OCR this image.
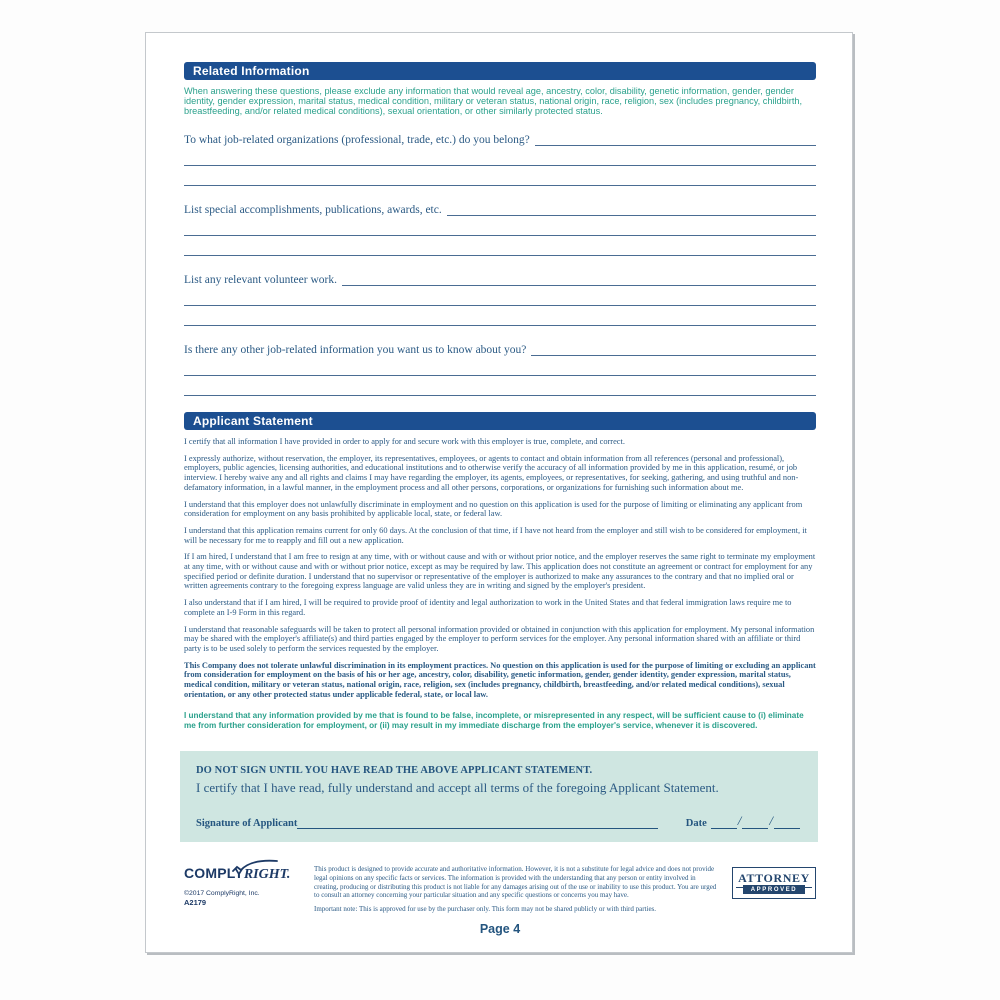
Related Information
When answering these questions, please exclude any information that would reveal age, ancestry, color, disability, genetic information, gender, gender identity, gender expression, marital status, medical condition, military or veteran status, national origin, race, religion, sex (includes pregnancy, childbirth, breastfeeding, and/or related medical conditions), sexual orientation, or other similarly protected status.
To what job-related organizations (professional, trade, etc.) do you belong?
List special accomplishments, publications, awards, etc.
List any relevant volunteer work.
Is there any other job-related information you want us to know about you?
Applicant Statement

I certify that all information I have provided in order to apply for and secure work with this employer is true, complete, and correct.

I expressly authorize, without reservation, the employer, its representatives, employees, or agents to contact and obtain information from all references (personal and professional), employers, public agencies, licensing authorities, and educational institutions and to otherwise verify the accuracy of all information provided by me in this application, resumé, or job interview. I hereby waive any and all rights and claims I may have regarding the employer, its agents, employees, or representatives, for seeking, gathering, and using truthful and non-defamatory information, in a lawful manner, in the employment process and all other persons, corporations, or organizations for furnishing such information about me.

I understand that this employer does not unlawfully discriminate in employment and no question on this application is used for the purpose of limiting or eliminating any applicant from consideration for employment on any basis prohibited by applicable local, state, or federal law.

I understand that this application remains current for only 60 days. At the conclusion of that time, if I have not heard from the employer and still wish to be considered for employment, it will be necessary for me to reapply and fill out a new application.

If I am hired, I understand that I am free to resign at any time, with or without cause and with or without prior notice, and the employer reserves the same right to terminate my employment at any time, with or without cause and with or without prior notice, except as may be required by law. This application does not constitute an agreement or contract for employment for any specified period or definite duration. I understand that no supervisor or representative of the employer is authorized to make any assurances to the contrary and that no implied oral or written agreements contrary to the foregoing express language are valid unless they are in writing and signed by the employer's president.

I also understand that if I am hired, I will be required to provide proof of identity and legal authorization to work in the United States and that federal immigration laws require me to complete an I-9 Form in this regard.

I understand that reasonable safeguards will be taken to protect all personal information provided or obtained in conjunction with this application for employment. My personal information may be shared with the employer's affiliate(s) and third parties engaged by the employer to perform services for the employer. Any personal information shared with an affiliate or third party is to be used solely to perform the services requested by the employer.

This Company does not tolerate unlawful discrimination in its employment practices. No question on this application is used for the purpose of limiting or excluding an applicant from consideration for employment on the basis of his or her age, ancestry, color, disability, genetic information, gender, gender identity, gender expression, marital status, medical condition, military or veteran status, national origin, race, religion, sex (includes pregnancy, childbirth, breastfeeding, and/or related medical conditions), sexual orientation, or any other protected status under applicable federal, state, or local law.

I understand that any information provided by me that is found to be false, incomplete, or misrepresented in any respect, will be sufficient cause to (i) eliminate me from further consideration for employment, or (ii) may result in my immediate discharge from the employer's service, whenever it is discovered.

DO NOT SIGN UNTIL YOU HAVE READ THE ABOVE APPLICANT STATEMENT.
I certify that I have read, fully understand and accept all terms of the foregoing Applicant Statement.
Signature of Applicant	Date / /
COMPLYRIGHT.
©2017 ComplyRight, Inc.
A2179
This product is designed to provide accurate and authoritative information. However, it is not a substitute for legal advice and does not provide legal opinions on any specific facts or services. The information is provided with the understanding that any person or entity involved in creating, producing or distributing this product is not liable for any damages arising out of the use or inability to use this product. You are urged to consult an attorney concerning your particular situation and any specific questions or concerns you may have.
Important note: This is approved for use by the purchaser only. This form may not be shared publicly or with third parties.
ATTORNEY
APPROVED
Page 4
